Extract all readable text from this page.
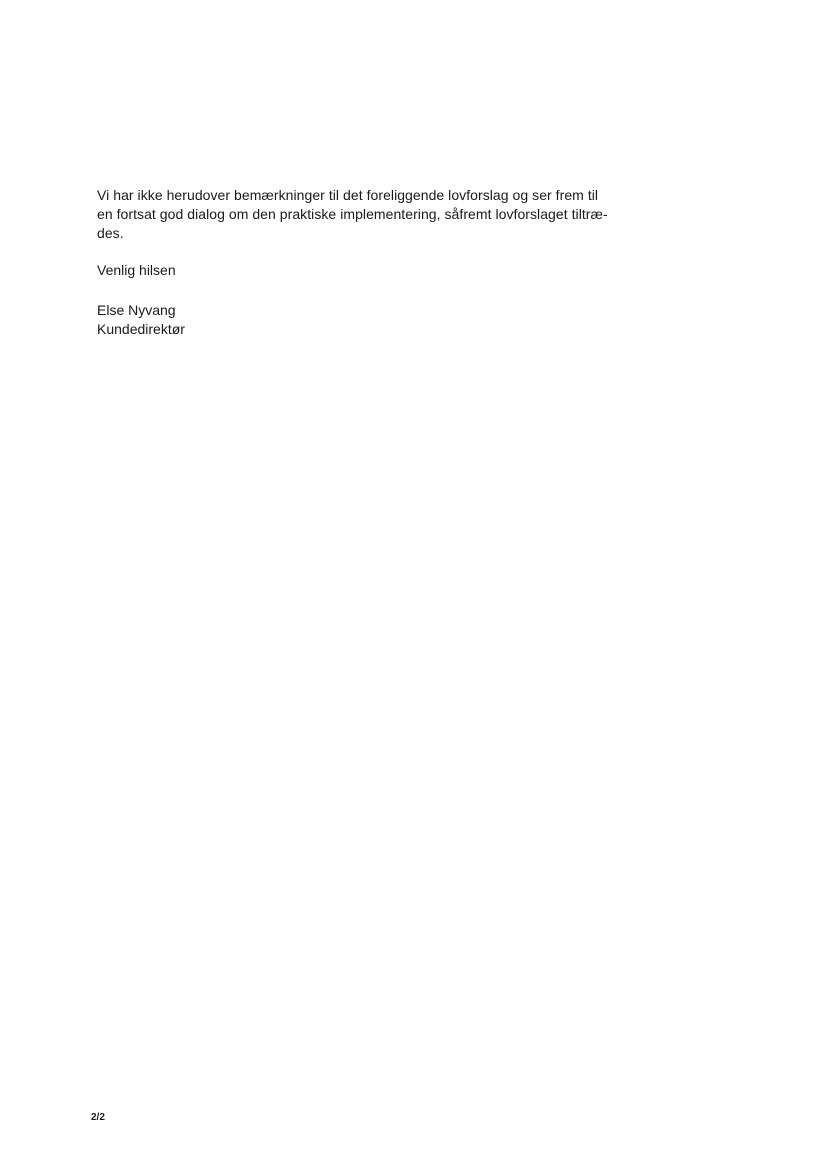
Vi har ikke herudover bemærkninger til det foreliggende lovforslag og ser frem til
en fortsat god dialog om den praktiske implementering, såfremt lovforslaget tiltræ-
des.

Venlig hilsen
Else Nyvang
Kundedirektør
2/2
